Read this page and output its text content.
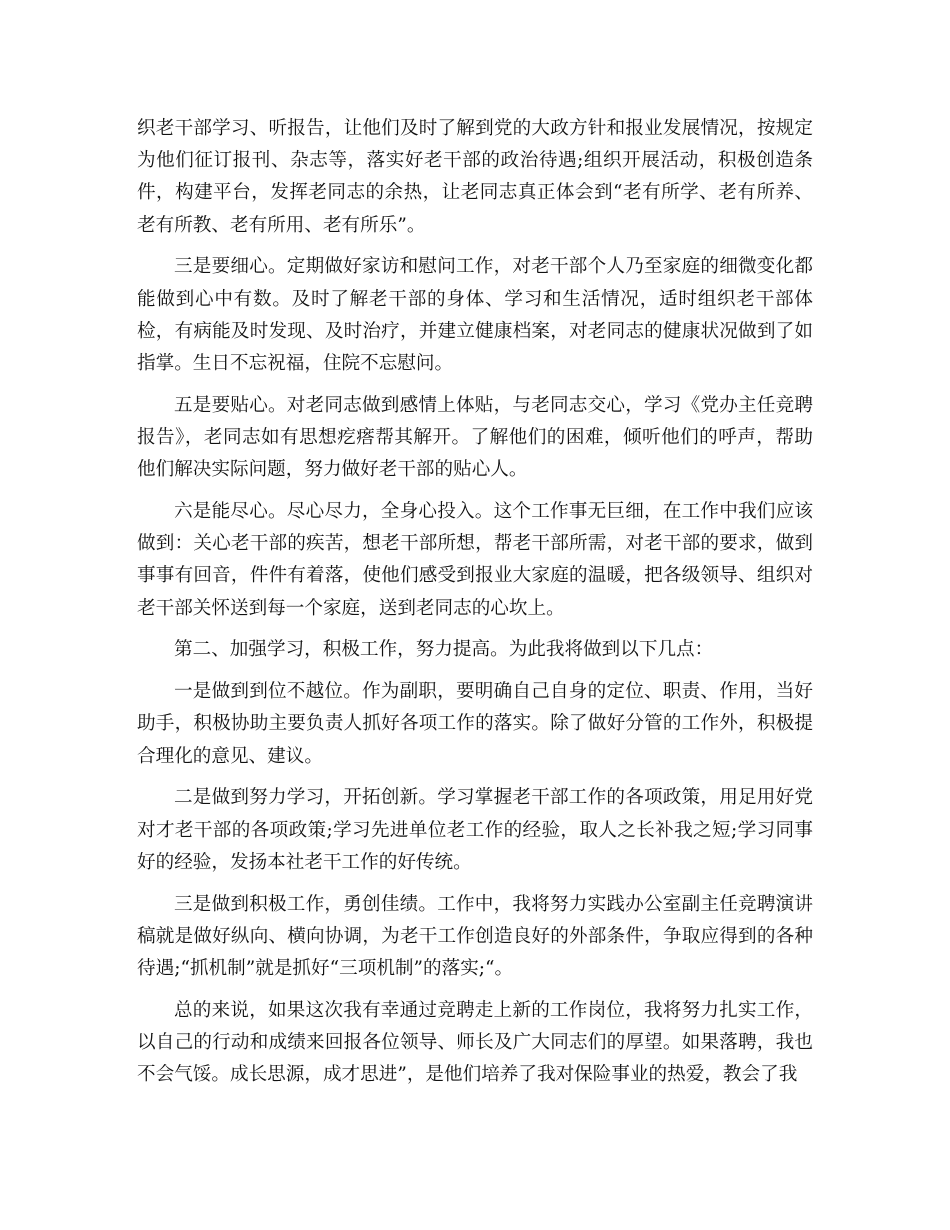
织老干部学习、听报告，让他们及时了解到党的大政方针和报业发展情况，按规定为他们征订报刊、杂志等，落实好老干部的政治待遇;组织开展活动，积极创造条件，构建平台，发挥老同志的余热，让老同志真正体会到“老有所学、老有所养、老有所教、老有所用、老有所乐”。

三是要细心。定期做好家访和慰问工作，对老干部个人乃至家庭的细微变化都能做到心中有数。及时了解老干部的身体、学习和生活情况，适时组织老干部体检，有病能及时发现、及时治疗，并建立健康档案，对老同志的健康状况做到了如指掌。生日不忘祝福，住院不忘慰问。

五是要贴心。对老同志做到感情上体贴，与老同志交心，学习《党办主任竞聘报告》，老同志如有思想疙瘩帮其解开。了解他们的困难，倾听他们的呼声，帮助他们解决实际问题，努力做好老干部的贴心人。

六是能尽心。尽心尽力，全身心投入。这个工作事无巨细，在工作中我们应该做到：关心老干部的疾苦，想老干部所想，帮老干部所需，对老干部的要求，做到事事有回音，件件有着落，使他们感受到报业大家庭的温暖，把各级领导、组织对老干部关怀送到每一个家庭，送到老同志的心坎上。

第二、加强学习，积极工作，努力提高。为此我将做到以下几点：

一是做到到位不越位。作为副职，要明确自己自身的定位、职责、作用，当好助手，积极协助主要负责人抓好各项工作的落实。除了做好分管的工作外，积极提合理化的意见、建议。

二是做到努力学习，开拓创新。学习掌握老干部工作的各项政策，用足用好党对才老干部的各项政策;学习先进单位老工作的经验，取人之长补我之短;学习同事好的经验，发扬本社老干工作的好传统。

三是做到积极工作，勇创佳绩。工作中，我将努力实践办公室副主任竞聘演讲稿就是做好纵向、横向协调，为老干工作创造良好的外部条件，争取应得到的各种待遇;“抓机制”就是抓好“三项机制”的落实;“。

总的来说，如果这次我有幸通过竞聘走上新的工作岗位，我将努力扎实工作，以自己的行动和成绩来回报各位领导、师长及广大同志们的厚望。如果落聘，我也不会气馁。成长思源，成才思进”，是他们培养了我对保险事业的热爱，教会了我
